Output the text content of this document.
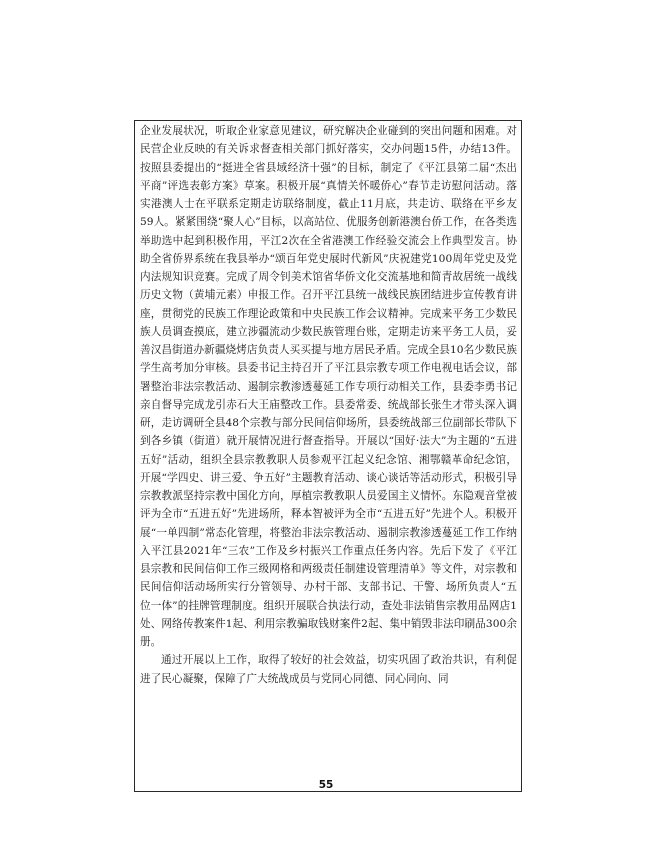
企业发展状况，听取企业家意见建议，研究解决企业碰到的突出问题和困难。对民营企业反映的有关诉求督查相关部门抓好落实，交办问题15件，办结13件。按照县委提出的“挺进全省县域经济十强”的目标，制定了《平江县第二届“杰出平商”评选表彰方案》草案。积极开展“真情关怀暖侨心”春节走访慰问活动。落实港澳人士在平联系定期走访联络制度，截止11月底，共走访、联络在平乡友59人。紧紧围绕“聚人心”目标，以高站位、优服务创新港澳台侨工作，在各类选举助选中起到积极作用，平江2次在全省港澳工作经验交流会上作典型发言。协助全省侨界系统在我县举办“颂百年党史展时代新风”庆祝建党100周年党史及党内法规知识竞赛。完成了周令钊美术馆省华侨文化交流基地和简青故居统一战线历史文物（黄埔元素）申报工作。召开平江县统一战线民族团结进步宣传教育讲座，贯彻党的民族工作理论政策和中央民族工作会议精神。完成来平务工少数民族人员调查摸底，建立涉疆流动少数民族管理台账，定期走访来平务工人员，妥善汉昌街道办新疆烧烤店负责人买买提与地方居民矛盾。完成全县10名少数民族学生高考加分审核。县委书记主持召开了平江县宗教专项工作电视电话会议，部署整治非法宗教活动、遏制宗教渗透蔓延工作专项行动相关工作，县委李勇书记亲自督导完成龙引赤石大王庙整改工作。县委常委、统战部长张生才带头深入调研，走访调研全县48个宗教与部分民间信仰场所，县委统战部三位副部长带队下到各乡镇（街道）就开展情况进行督查指导。开展以“国好·法大”为主题的“五进五好”活动，组织全县宗教教职人员参观平江起义纪念馆、湘鄂赣革命纪念馆，开展“学四史、讲三爱、争五好”主题教育活动、谈心谈话等活动形式，积极引导宗教教派坚持宗教中国化方向，厚植宗教教职人员爱国主义情怀。东隐观音堂被评为全市“五进五好”先进场所，释本智被评为全市“五进五好”先进个人。积极开展“一单四制”常态化管理，将整治非法宗教活动、遏制宗教渗透蔓延工作工作纳入平江县2021年“三农”工作及乡村振兴工作重点任务内容。先后下发了《平江县宗教和民间信仰工作三级网格和两级责任制建设管理清单》等文件，对宗教和民间信仰活动场所实行分管领导、办村干部、支部书记、干警、场所负责人“五位一体”的挂牌管理制度。组织开展联合执法行动，查处非法销售宗教用品网店1处、网络传教案件1起、利用宗教骗取钱财案件2起、集中销毁非法印刷品300余册。

通过开展以上工作，取得了较好的社会效益，切实巩固了政治共识，有利促进了民心凝聚，保障了广大统战成员与党同心同德、同心同向、同

55
